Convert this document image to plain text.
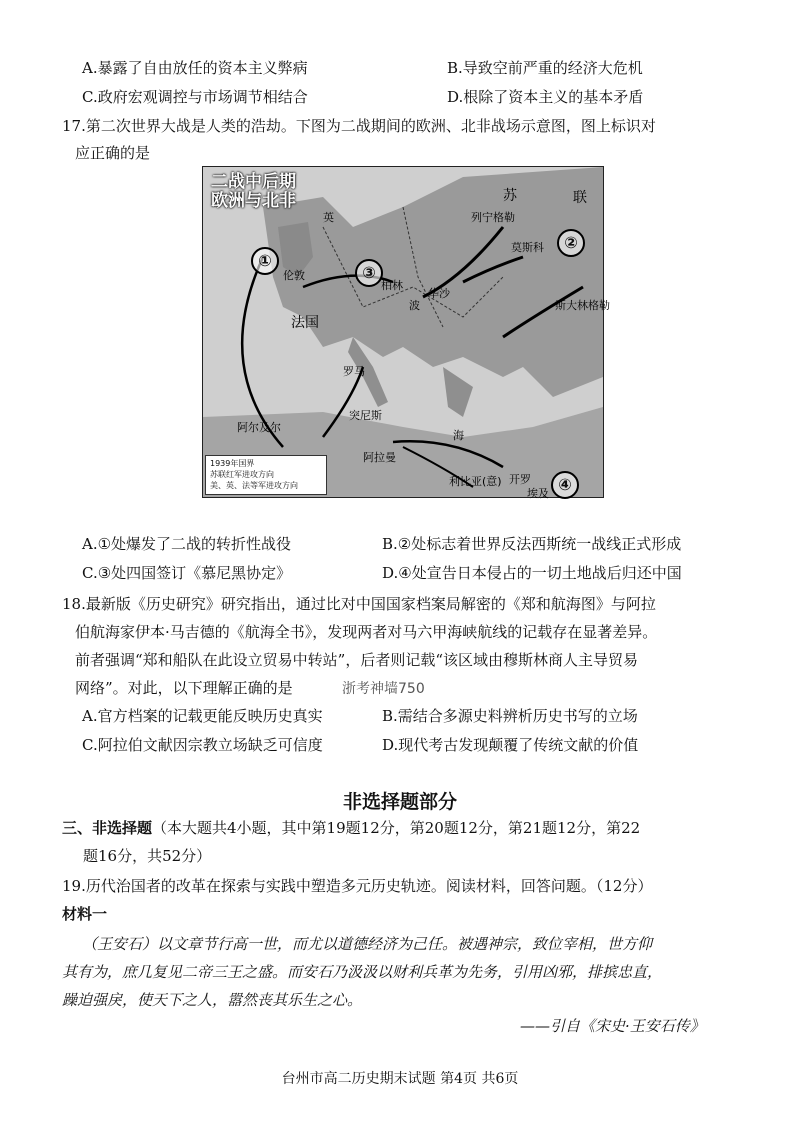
A.暴露了自由放任的资本主义弊病	B.导致空前严重的经济大危机
C.政府宏观调控与市场调节相结合	D.根除了资本主义的基本矛盾
17.第二次世界大战是人类的浩劫。下图为二战期间的欧洲、北非战场示意图，图上标识对
应正确的是
二战中后期
欧洲与北非	苏	联
列宁格勒
莫斯科
斯大林格勒
柏林
华沙
伦敦
英
法国
罗马
突尼斯
阿尔及尔
阿拉曼
开罗
利比亚(意)
埃及
海
波
①
②
③
④
1939年国界
苏联红军进攻方向
美、英、法等军进攻方向
A.①处爆发了二战的转折性战役	B.②处标志着世界反法西斯统一战线正式形成
C.③处四国签订《慕尼黑协定》	D.④处宣告日本侵占的一切土地战后归还中国
18.最新版《历史研究》研究指出，通过比对中国国家档案局解密的《郑和航海图》与阿拉
伯航海家伊本·马吉德的《航海全书》，发现两者对马六甲海峡航线的记载存在显著差异。
前者强调“郑和船队在此设立贸易中转站”，后者则记载“该区域由穆斯林商人主导贸易
网络”。对此，以下理解正确的是	浙考神墙750
A.官方档案的记载更能反映历史真实	B.需结合多源史料辨析历史书写的立场
C.阿拉伯文献因宗教立场缺乏可信度	D.现代考古发现颠覆了传统文献的价值
非选择题部分
三、非选择题（本大题共4小题，其中第19题12分，第20题12分，第21题12分，第22
题16分，共52分）
19.历代治国者的改革在探索与实践中塑造多元历史轨迹。阅读材料，回答问题。（12分）
材料一
（王安石）以文章节行高一世，而尤以道德经济为己任。被遇神宗，致位宰相，世方仰
其有为，庶几复见二帝三王之盛。而安石乃汲汲以财利兵革为先务，引用凶邪，排摈忠直，
躁迫强戾，使天下之人，嚣然丧其乐生之心。
——引自《宋史·王安石传》
台州市高二历史期末试题 第4页 共6页
